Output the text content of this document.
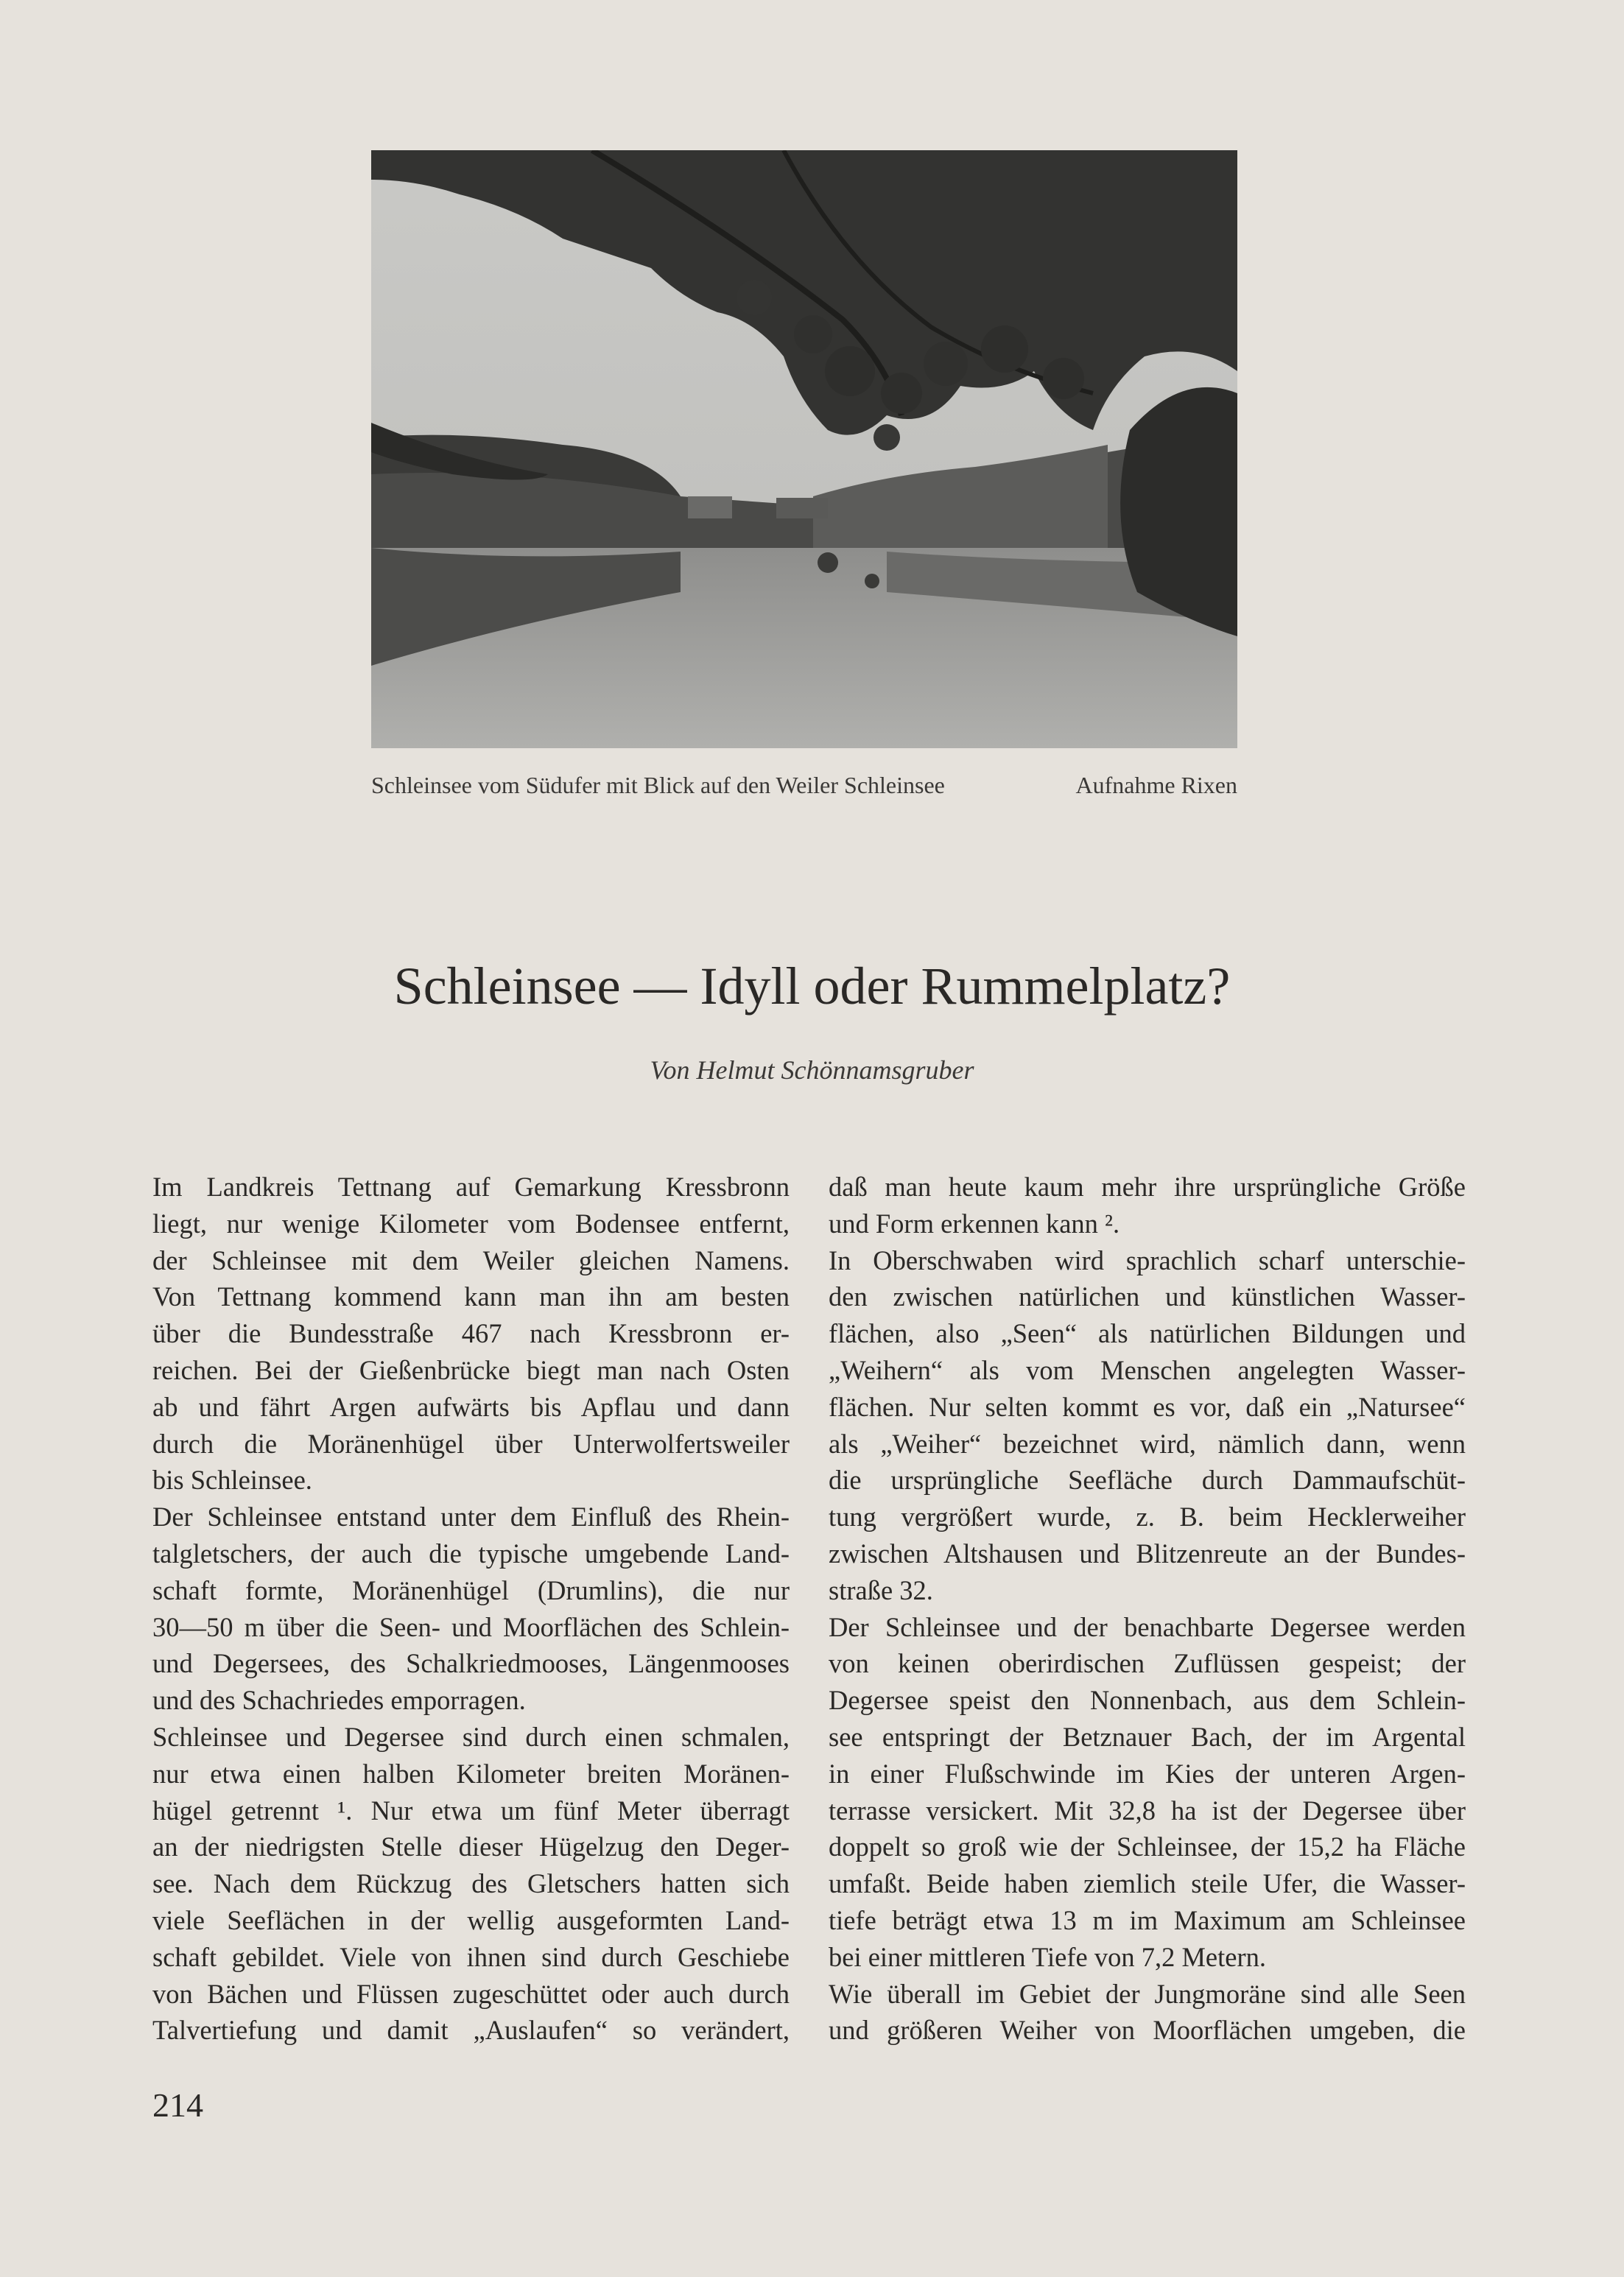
Schleinsee vom Südufer mit Blick auf den Weiler Schleinsee	Aufnahme Rixen
Schleinsee — Idyll oder Rummelplatz?
Von Helmut Schönnamsgruber
Im Landkreis Tettnang auf Gemarkung Kressbronn
liegt, nur wenige Kilometer vom Bodensee entfernt,
der Schleinsee mit dem Weiler gleichen Namens.
Von Tettnang kommend kann man ihn am besten
über die Bundesstraße 467 nach Kressbronn er-
reichen. Bei der Gießenbrücke biegt man nach Osten
ab und fährt Argen aufwärts bis Apflau und dann
durch die Moränenhügel über Unterwolfertsweiler
bis Schleinsee.
Der Schleinsee entstand unter dem Einfluß des Rhein-
talgletschers, der auch die typische umgebende Land-
schaft formte, Moränenhügel (Drumlins), die nur
30—50 m über die Seen- und Moorflächen des Schlein-
und Degersees, des Schalkriedmooses, Längenmooses
und des Schachriedes emporragen.
Schleinsee und Degersee sind durch einen schmalen,
nur etwa einen halben Kilometer breiten Moränen-
hügel getrennt ¹. Nur etwa um fünf Meter überragt
an der niedrigsten Stelle dieser Hügelzug den Deger-
see. Nach dem Rückzug des Gletschers hatten sich
viele Seeflächen in der wellig ausgeformten Land-
schaft gebildet. Viele von ihnen sind durch Geschiebe
von Bächen und Flüssen zugeschüttet oder auch durch
Talvertiefung und damit „Auslaufen“ so verändert,
daß man heute kaum mehr ihre ursprüngliche Größe
und Form erkennen kann ².
In Oberschwaben wird sprachlich scharf unterschie-
den zwischen natürlichen und künstlichen Wasser-
flächen, also „Seen“ als natürlichen Bildungen und
„Weihern“ als vom Menschen angelegten Wasser-
flächen. Nur selten kommt es vor, daß ein „Natursee“
als „Weiher“ bezeichnet wird, nämlich dann, wenn
die ursprüngliche Seefläche durch Dammaufschüt-
tung vergrößert wurde, z. B. beim Hecklerweiher
zwischen Altshausen und Blitzenreute an der Bundes-
straße 32.
Der Schleinsee und der benachbarte Degersee werden
von keinen oberirdischen Zuflüssen gespeist; der
Degersee speist den Nonnenbach, aus dem Schlein-
see entspringt der Betznauer Bach, der im Argental
in einer Flußschwinde im Kies der unteren Argen-
terrasse versickert. Mit 32,8 ha ist der Degersee über
doppelt so groß wie der Schleinsee, der 15,2 ha Fläche
umfaßt. Beide haben ziemlich steile Ufer, die Wasser-
tiefe beträgt etwa 13 m im Maximum am Schleinsee
bei einer mittleren Tiefe von 7,2 Metern.
Wie überall im Gebiet der Jungmoräne sind alle Seen
und größeren Weiher von Moorflächen umgeben, die
214
